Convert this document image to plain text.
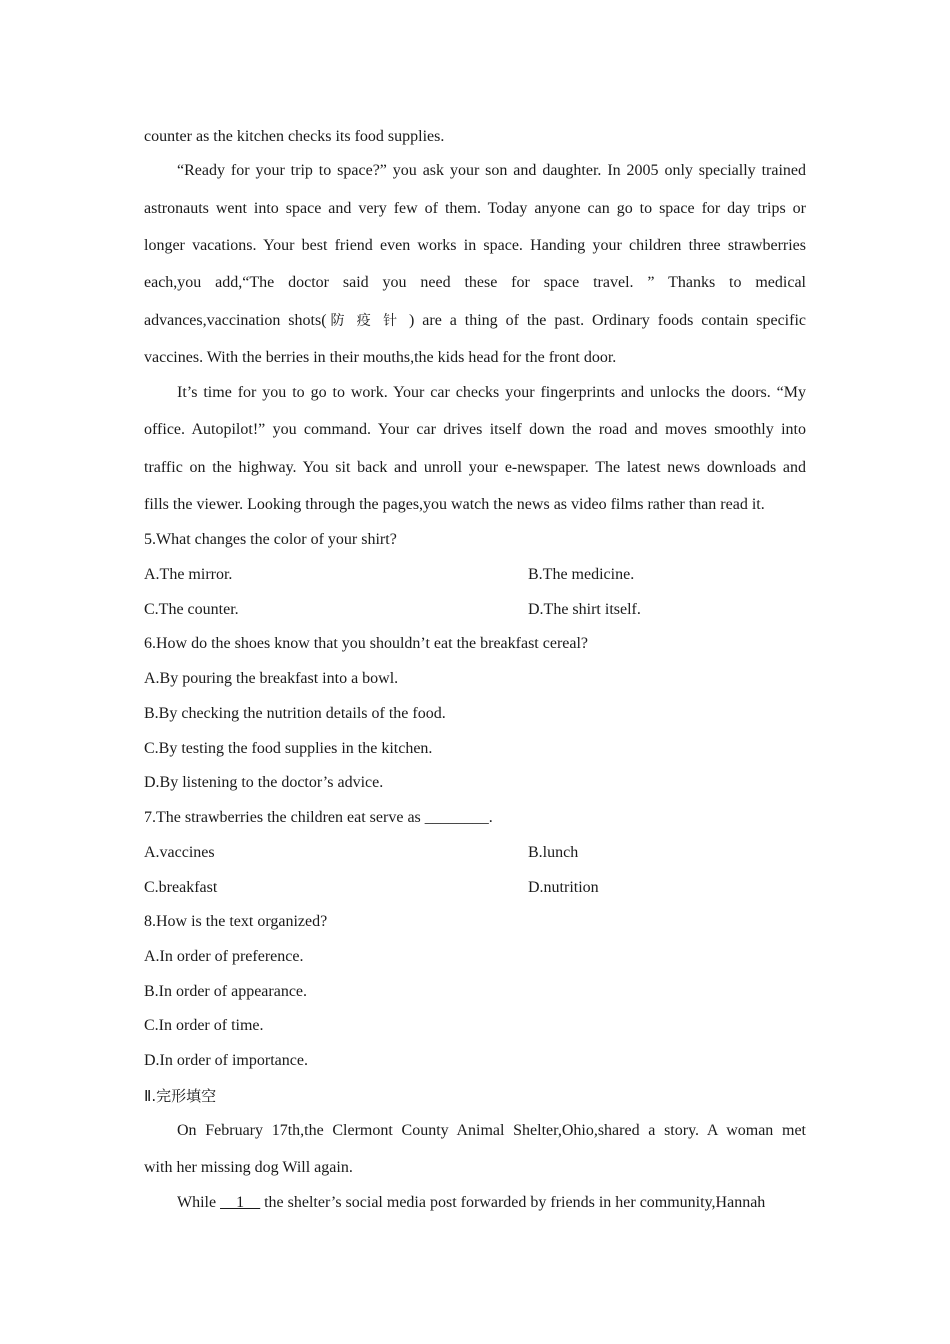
counter as the kitchen checks its food supplies.
“Ready for your trip to space?” you ask your son and daughter. In 2005 only specially trained
astronauts went into space and very few of them. Today anyone can go to space for day trips or
longer vacations. Your best friend even works in space. Handing your children three strawberries
each,you add,“The doctor said you need these for space travel. ” Thanks to medical
advances,vaccination shots(防 疫 针 ) are a thing of the past. Ordinary foods contain specific
vaccines. With the berries in their mouths,the kids head for the front door.
It’s time for you to go to work. Your car checks your fingerprints and unlocks the doors. “My
office. Autopilot!” you command. Your car drives itself down the road and moves smoothly into
traffic on the highway. You sit back and unroll your e-newspaper. The latest news downloads and
fills the viewer. Looking through the pages,you watch the news as video films rather than read it.
5.What changes the color of your shirt?
A.The mirror.	B.The medicine.
C.The counter.	D.The shirt itself.
6.How do the shoes know that you shouldn’t eat the breakfast cereal?
A.By pouring the breakfast into a bowl.
B.By checking the nutrition details of the food.
C.By testing the food supplies in the kitchen.
D.By listening to the doctor’s advice.
7.The strawberries the children eat serve as ________.
A.vaccines	B.lunch
C.breakfast	D.nutrition
8.How is the text organized?
A.In order of preference.
B.In order of appearance.
C.In order of time.
D.In order of importance.
Ⅱ.完形填空
On February 17th,the Clermont County Animal Shelter,Ohio,shared a story. A woman met
with her missing dog Will again.
While __1__ the shelter’s social media post forwarded by friends in her community,Hannah
